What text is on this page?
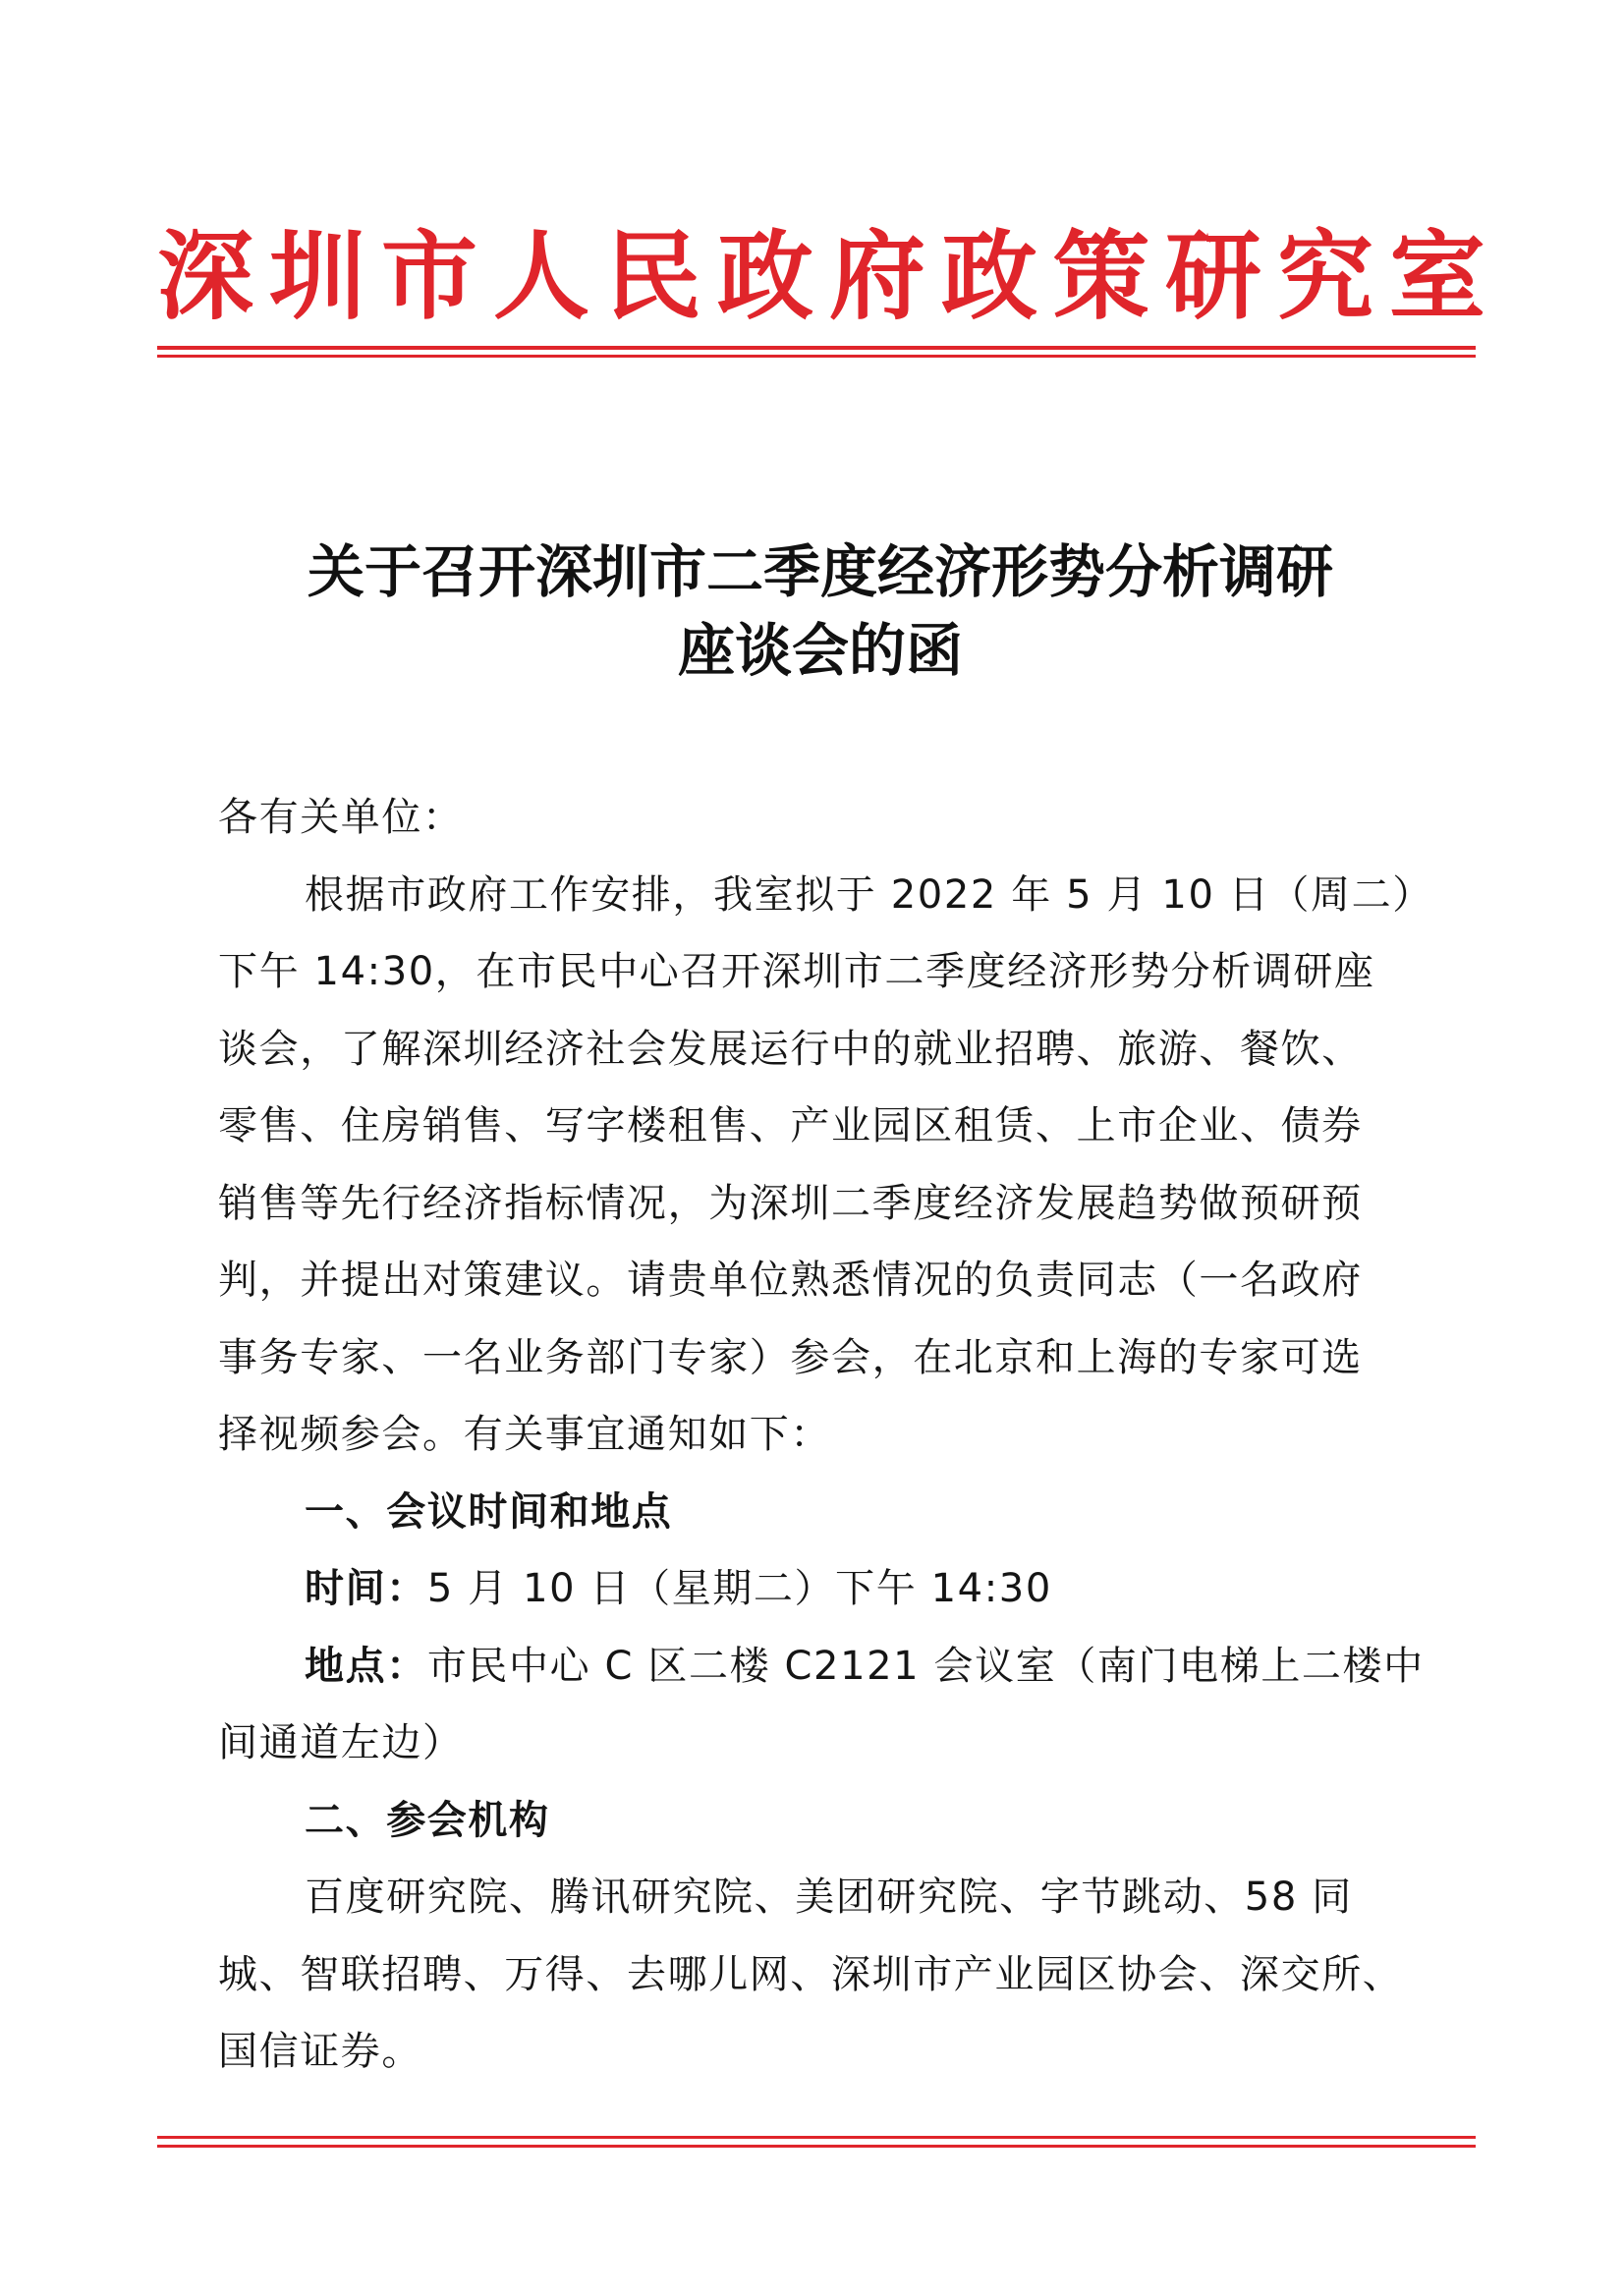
深圳市人民政府政策研究室
关于召开深圳市二季度经济形势分析调研
座谈会的函
各有关单位：
根据市政府工作安排，我室拟于 2022 年 5 月 10 日（周二）
下午 14:30，在市民中心召开深圳市二季度经济形势分析调研座
谈会，了解深圳经济社会发展运行中的就业招聘、旅游、餐饮、
零售、住房销售、写字楼租售、产业园区租赁、上市企业、债券
销售等先行经济指标情况，为深圳二季度经济发展趋势做预研预
判，并提出对策建议。请贵单位熟悉情况的负责同志（一名政府
事务专家、一名业务部门专家）参会，在北京和上海的专家可选
择视频参会。有关事宜通知如下：
一、会议时间和地点
时间：5 月 10 日（星期二）下午 14:30
地点：市民中心 C 区二楼 C2121 会议室（南门电梯上二楼中
间通道左边）
二、参会机构
百度研究院、腾讯研究院、美团研究院、字节跳动、58 同
城、智联招聘、万得、去哪儿网、深圳市产业园区协会、深交所、
国信证券。
